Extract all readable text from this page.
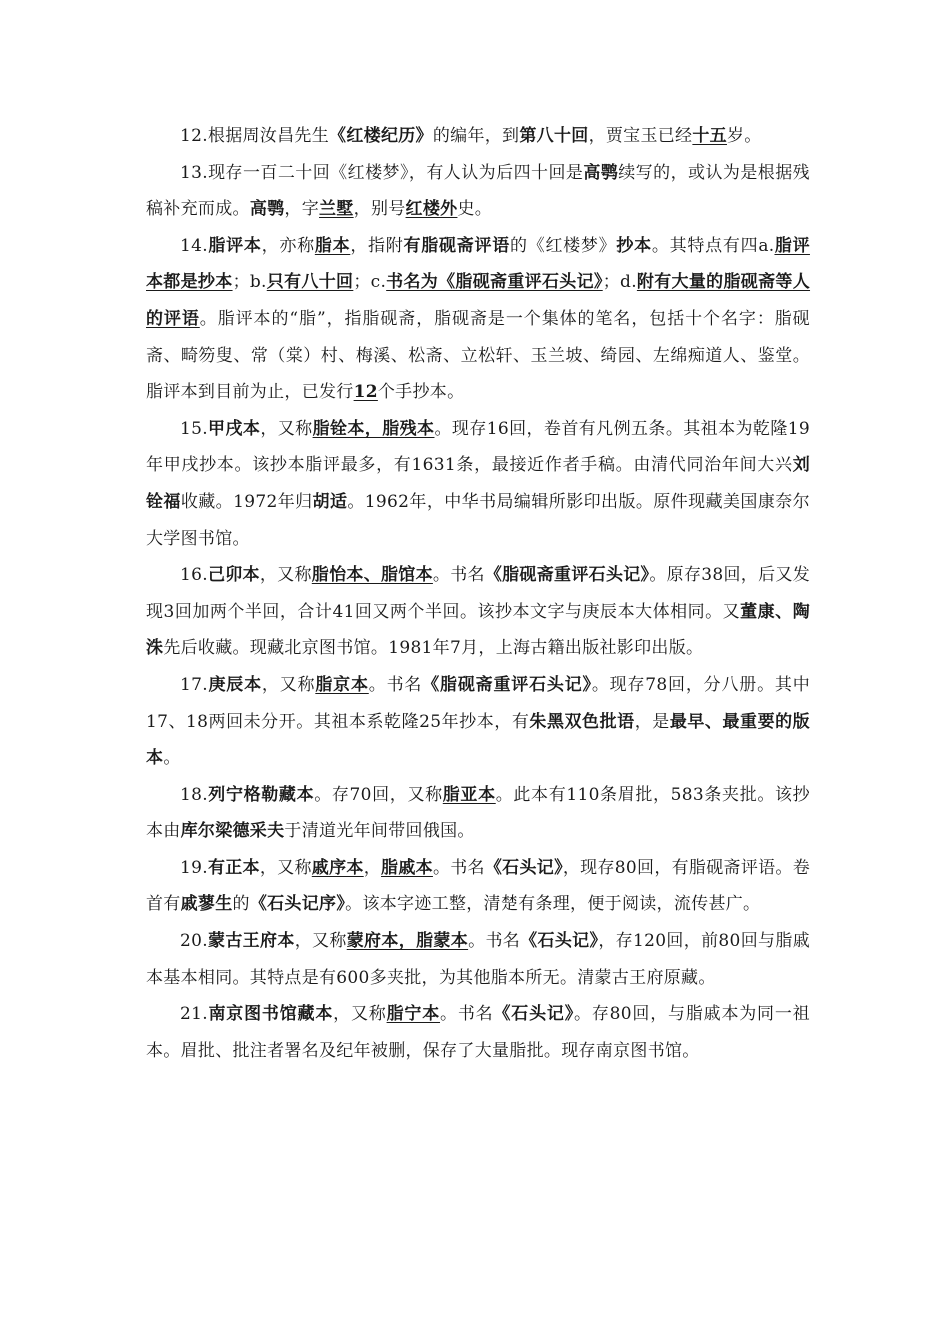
12.根据周汝昌先生《红楼纪历》的编年，到第八十回，贾宝玉已经十五岁。

13.现存一百二十回《红楼梦》，有人认为后四十回是高鹗续写的，或认为是根据残稿补充而成。高鹗，字兰墅，别号红楼外史。

14.脂评本，亦称脂本，指附有脂砚斋评语的《红楼梦》抄本。其特点有四a.脂评本都是抄本；b.只有八十回；c.书名为《脂砚斋重评石头记》；d.附有大量的脂砚斋等人的评语。脂评本的“脂”，指脂砚斋，脂砚斋是一个集体的笔名，包括十个名字：脂砚斋、畸笏叟、常（棠）村、梅溪、松斋、立松轩、玉兰坡、绮园、左绵痴道人、鉴堂。脂评本到目前为止，已发行12个手抄本。

15.甲戌本，又称脂铨本，脂残本。现存16回，卷首有凡例五条。其祖本为乾隆19年甲戌抄本。该抄本脂评最多，有1631条，最接近作者手稿。由清代同治年间大兴刘铨福收藏。1972年归胡适。1962年，中华书局编辑所影印出版。原件现藏美国康奈尔大学图书馆。

16.己卯本，又称脂怡本、脂馆本。书名《脂砚斋重评石头记》。原存38回，后又发现3回加两个半回，合计41回又两个半回。该抄本文字与庚辰本大体相同。又董康、陶洙先后收藏。现藏北京图书馆。1981年7月，上海古籍出版社影印出版。

17.庚辰本，又称脂京本。书名《脂砚斋重评石头记》。现存78回，分八册。其中17、18两回未分开。其祖本系乾隆25年抄本，有朱黑双色批语，是最早、最重要的版本。

18.列宁格勒藏本。存70回，又称脂亚本。此本有110条眉批，583条夹批。该抄本由库尔梁德采夫于清道光年间带回俄国。

19.有正本，又称戚序本，脂戚本。书名《石头记》，现存80回，有脂砚斋评语。卷首有戚蓼生的《石头记序》。该本字迹工整，清楚有条理，便于阅读，流传甚广。

20.蒙古王府本，又称蒙府本，脂蒙本。书名《石头记》，存120回，前80回与脂戚本基本相同。其特点是有600多夹批，为其他脂本所无。清蒙古王府原藏。

21.南京图书馆藏本，又称脂宁本。书名《石头记》。存80回，与脂戚本为同一祖本。眉批、批注者署名及纪年被删，保存了大量脂批。现存南京图书馆。
